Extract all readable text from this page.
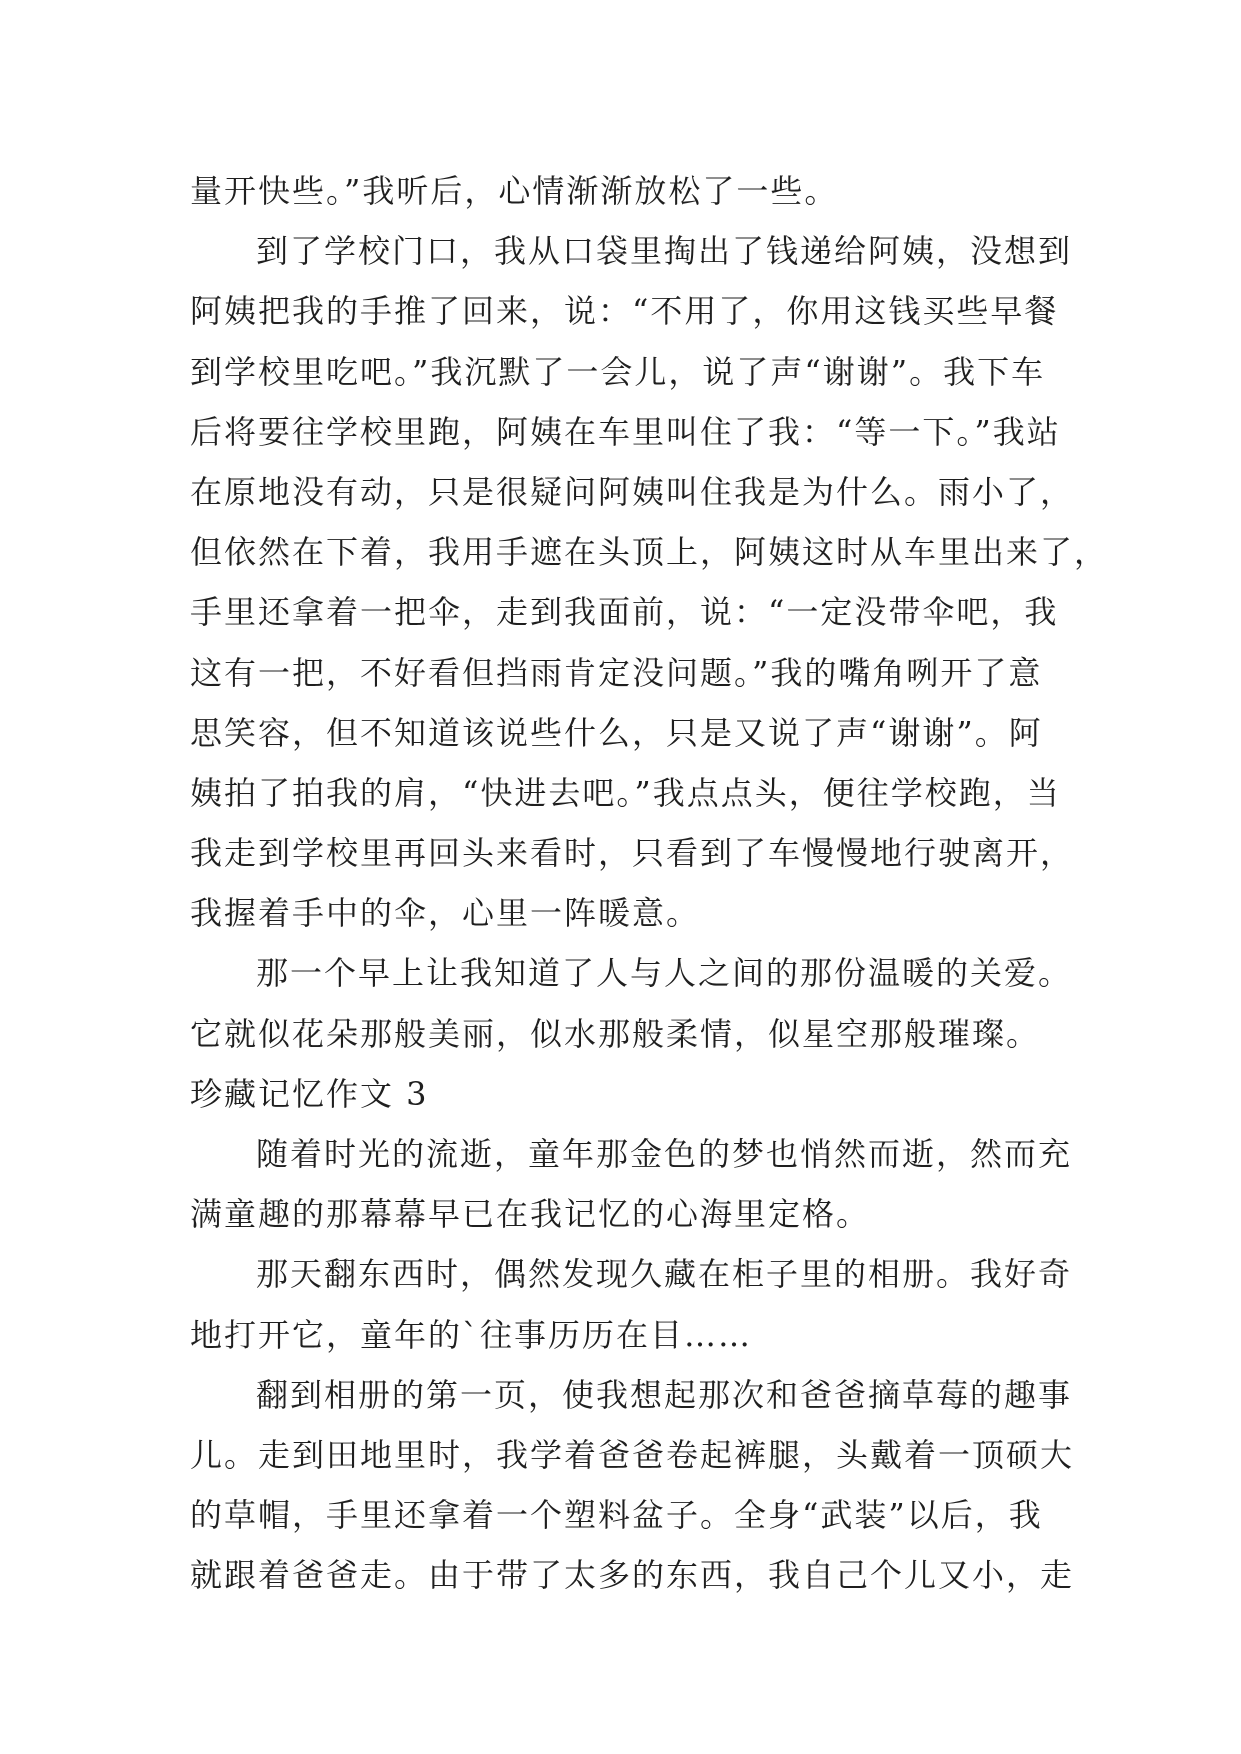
量开快些。”我听后，心情渐渐放松了一些。
到了学校门口，我从口袋里掏出了钱递给阿姨，没想到
阿姨把我的手推了回来，说：“不用了，你用这钱买些早餐
到学校里吃吧。”我沉默了一会儿，说了声“谢谢”。我下车
后将要往学校里跑，阿姨在车里叫住了我：“等一下。”我站
在原地没有动，只是很疑问阿姨叫住我是为什么。雨小了，
但依然在下着，我用手遮在头顶上，阿姨这时从车里出来了，
手里还拿着一把伞，走到我面前，说：“一定没带伞吧，我
这有一把，不好看但挡雨肯定没问题。”我的嘴角咧开了意
思笑容，但不知道该说些什么，只是又说了声“谢谢”。阿
姨拍了拍我的肩，“快进去吧。”我点点头，便往学校跑，当
我走到学校里再回头来看时，只看到了车慢慢地行驶离开，
我握着手中的伞，心里一阵暖意。
那一个早上让我知道了人与人之间的那份温暖的关爱。
它就似花朵那般美丽，似水那般柔情，似星空那般璀璨。
珍藏记忆作文 3
随着时光的流逝，童年那金色的梦也悄然而逝，然而充
满童趣的那幕幕早已在我记忆的心海里定格。
那天翻东西时，偶然发现久藏在柜子里的相册。我好奇
地打开它，童年的`往事历历在目……
翻到相册的第一页，使我想起那次和爸爸摘草莓的趣事
儿。走到田地里时，我学着爸爸卷起裤腿，头戴着一顶硕大
的草帽，手里还拿着一个塑料盆子。全身“武装”以后，我
就跟着爸爸走。由于带了太多的东西，我自己个儿又小，走
